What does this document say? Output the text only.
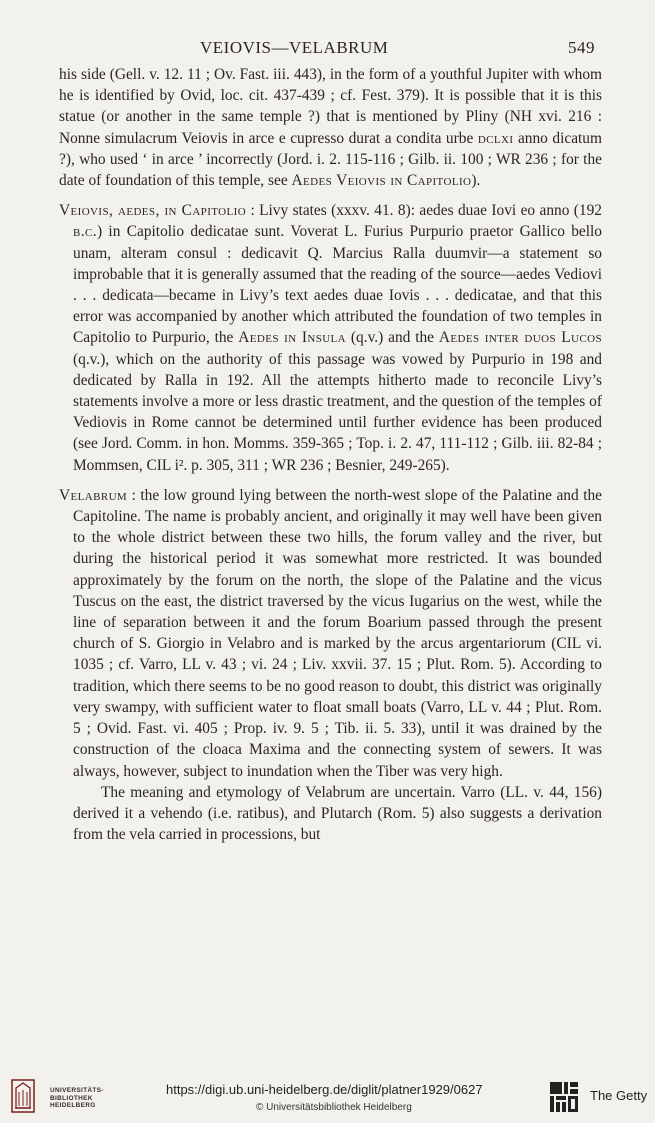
VEIOVIS—VELABRUM	549

his side (Gell. v. 12. 11 ; Ov. Fast. iii. 443), in the form of a youthful Jupiter with whom he is identified by Ovid, loc. cit. 437-439 ; cf. Fest. 379). It is possible that it is this statue (or another in the same temple ?) that is mentioned by Pliny (NH xvi. 216 : Nonne simulacrum Veiovis in arce e cupresso durat a condita urbe dclxi anno dicatum ?), who used ‘ in arce ’ incorrectly (Jord. i. 2. 115-116 ; Gilb. ii. 100 ; WR 236 ; for the date of foundation of this temple, see Aedes Veiovis in Capitolio).

Veiovis, aedes, in Capitolio : Livy states (xxxv. 41. 8): aedes duae Iovi eo anno (192 b.c.) in Capitolio dedicatae sunt. Voverat L. Furius Purpurio praetor Gallico bello unam, alteram consul : dedicavit Q. Marcius Ralla duumvir—a statement so improbable that it is generally assumed that the reading of the source—aedes Vediovi . . . dedicata—became in Livy’s text aedes duae Iovis . . . dedicatae, and that this error was accompanied by another which attributed the foundation of two temples in Capitolio to Purpurio, the Aedes in Insula (q.v.) and the Aedes inter duos Lucos (q.v.), which on the authority of this passage was vowed by Purpurio in 198 and dedicated by Ralla in 192. All the attempts hitherto made to reconcile Livy’s statements involve a more or less drastic treatment, and the question of the temples of Vediovis in Rome cannot be determined until further evidence has been produced (see Jord. Comm. in hon. Momms. 359-365 ; Top. i. 2. 47, 111-112 ; Gilb. iii. 82-84 ; Mommsen, CIL i². p. 305, 311 ; WR 236 ; Besnier, 249-265).

Velabrum : the low ground lying between the north-west slope of the Palatine and the Capitoline. The name is probably ancient, and originally it may well have been given to the whole district between these two hills, the forum valley and the river, but during the historical period it was somewhat more restricted. It was bounded approximately by the forum on the north, the slope of the Palatine and the vicus Tuscus on the east, the district traversed by the vicus Iugarius on the west, while the line of separation between it and the forum Boarium passed through the present church of S. Giorgio in Velabro and is marked by the arcus argentariorum (CIL vi. 1035 ; cf. Varro, LL v. 43 ; vi. 24 ; Liv. xxvii. 37. 15 ; Plut. Rom. 5). According to tradition, which there seems to be no good reason to doubt, this district was originally very swampy, with sufficient water to float small boats (Varro, LL v. 44 ; Plut. Rom. 5 ; Ovid. Fast. vi. 405 ; Prop. iv. 9. 5 ; Tib. ii. 5. 33), until it was drained by the construction of the cloaca Maxima and the connecting system of sewers. It was always, however, subject to inundation when the Tiber was very high.

The meaning and etymology of Velabrum are uncertain. Varro (LL. v. 44, 156) derived it a vehendo (i.e. ratibus), and Plutarch (Rom. 5) also suggests a derivation from the vela carried in processions, but

UNIVERSITÄTS-
BIBLIOTHEK
HEIDELBERG
https://digi.ub.uni-heidelberg.de/diglit/platner1929/0627
© Universitätsbibliothek Heidelberg
The Getty
